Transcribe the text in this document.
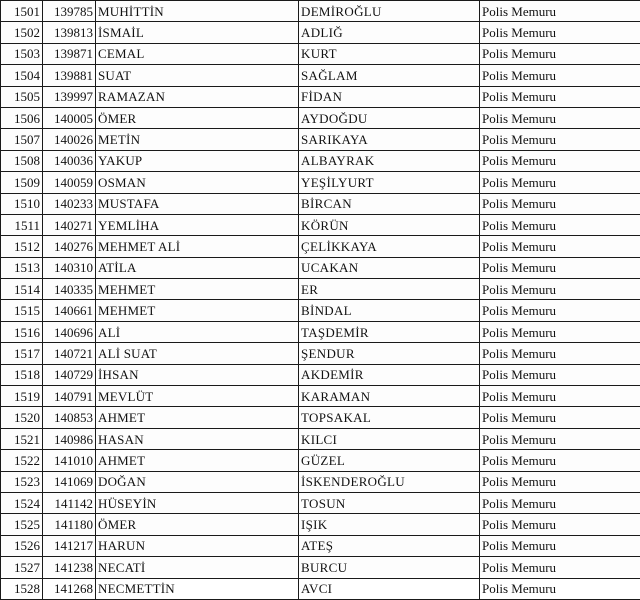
1501	139785	MUHİTTİN	DEMİROĞLU	Polis Memuru
1502	139813	İSMAİL	ADLIĞ	Polis Memuru
1503	139871	CEMAL	KURT	Polis Memuru
1504	139881	SUAT	SAĞLAM	Polis Memuru
1505	139997	RAMAZAN	FİDAN	Polis Memuru
1506	140005	ÖMER	AYDOĞDU	Polis Memuru
1507	140026	METİN	SARIKAYA	Polis Memuru
1508	140036	YAKUP	ALBAYRAK	Polis Memuru
1509	140059	OSMAN	YEŞİLYURT	Polis Memuru
1510	140233	MUSTAFA	BİRCAN	Polis Memuru
1511	140271	YEMLİHA	KÖRÜN	Polis Memuru
1512	140276	MEHMET ALİ	ÇELİKKAYA	Polis Memuru
1513	140310	ATİLA	UCAKAN	Polis Memuru
1514	140335	MEHMET	ER	Polis Memuru
1515	140661	MEHMET	BİNDAL	Polis Memuru
1516	140696	ALİ	TAŞDEMİR	Polis Memuru
1517	140721	ALİ SUAT	ŞENDUR	Polis Memuru
1518	140729	İHSAN	AKDEMİR	Polis Memuru
1519	140791	MEVLÜT	KARAMAN	Polis Memuru
1520	140853	AHMET	TOPSAKAL	Polis Memuru
1521	140986	HASAN	KILCI	Polis Memuru
1522	141010	AHMET	GÜZEL	Polis Memuru
1523	141069	DOĞAN	İSKENDEROĞLU	Polis Memuru
1524	141142	HÜSEYİN	TOSUN	Polis Memuru
1525	141180	ÖMER	IŞIK	Polis Memuru
1526	141217	HARUN	ATEŞ	Polis Memuru
1527	141238	NECATİ	BURCU	Polis Memuru
1528	141268	NECMETTİN	AVCI	Polis Memuru
